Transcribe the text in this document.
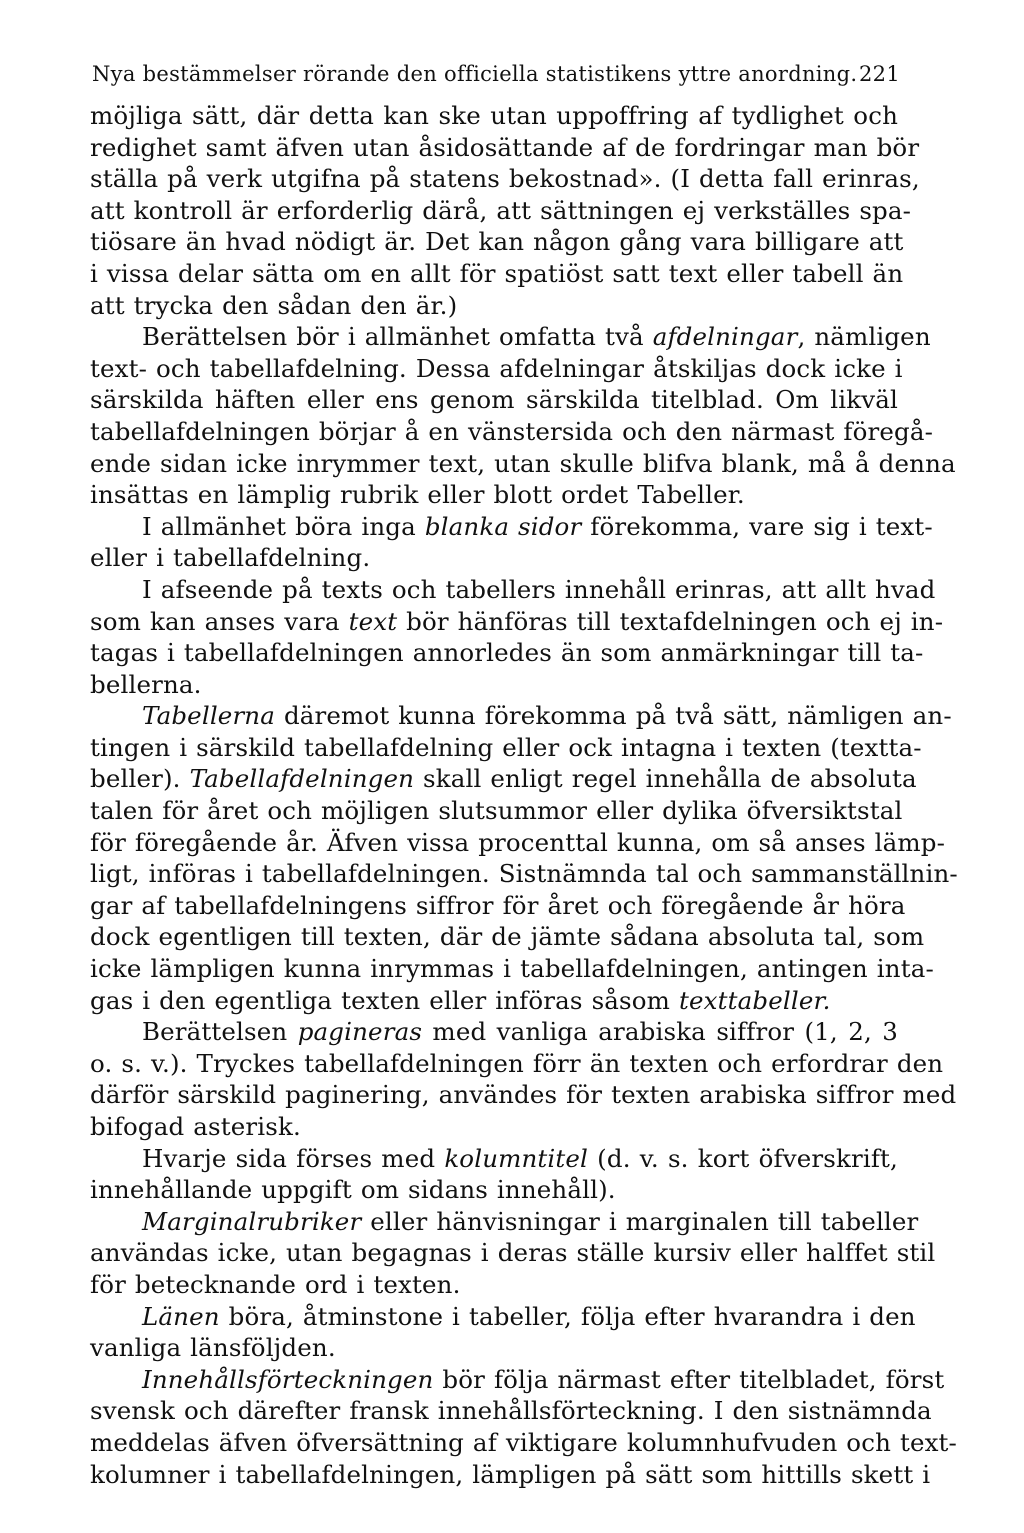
Nya bestämmelser rörande den officiella statistikens yttre anordning. 221
möjliga sätt, där detta kan ske utan uppoffring af tydlighet och
redighet samt äfven utan åsidosättande af de fordringar man bör
ställa på verk utgifna på statens bekostnad». (I detta fall erinras,
att kontroll är erforderlig därå, att sättningen ej verkställes spa-
tiösare än hvad nödigt är. Det kan någon gång vara billigare att
i vissa delar sätta om en allt för spatiöst satt text eller tabell än
att trycka den sådan den är.)
Berättelsen bör i allmänhet omfatta två afdelningar, nämligen
text- och tabellafdelning. Dessa afdelningar åtskiljas dock icke i
särskilda häften eller ens genom särskilda titelblad. Om likväl
tabellafdelningen börjar å en vänstersida och den närmast föregå-
ende sidan icke inrymmer text, utan skulle blifva blank, må å denna
insättas en lämplig rubrik eller blott ordet Tabeller.
I allmänhet böra inga blanka sidor förekomma, vare sig i text-
eller i tabellafdelning.
I afseende på texts och tabellers innehåll erinras, att allt hvad
som kan anses vara text bör hänföras till textafdelningen och ej in-
tagas i tabellafdelningen annorledes än som anmärkningar till ta-
bellerna.
Tabellerna däremot kunna förekomma på två sätt, nämligen an-
tingen i särskild tabellafdelning eller ock intagna i texten (textta-
beller). Tabellafdelningen skall enligt regel innehålla de absoluta
talen för året och möjligen slutsummor eller dylika öfversiktstal
för föregående år. Äfven vissa procenttal kunna, om så anses lämp-
ligt, införas i tabellafdelningen. Sistnämnda tal och sammanställnin-
gar af tabellafdelningens siffror för året och föregående år höra
dock egentligen till texten, där de jämte sådana absoluta tal, som
icke lämpligen kunna inrymmas i tabellafdelningen, antingen inta-
gas i den egentliga texten eller införas såsom texttabeller.
Berättelsen pagineras med vanliga arabiska siffror (1, 2, 3
o. s. v.). Tryckes tabellafdelningen förr än texten och erfordrar den
därför särskild paginering, användes för texten arabiska siffror med
bifogad asterisk.
Hvarje sida förses med kolumntitel (d. v. s. kort öfverskrift,
innehållande uppgift om sidans innehåll).
Marginalrubriker eller hänvisningar i marginalen till tabeller
användas icke, utan begagnas i deras ställe kursiv eller halffet stil
för betecknande ord i texten.
Länen böra, åtminstone i tabeller, följa efter hvarandra i den
vanliga länsföljden.
Innehållsförteckningen bör följa närmast efter titelbladet, först
svensk och därefter fransk innehållsförteckning. I den sistnämnda
meddelas äfven öfversättning af viktigare kolumnhufvuden och text-
kolumner i tabellafdelningen, lämpligen på sätt som hittills skett i
